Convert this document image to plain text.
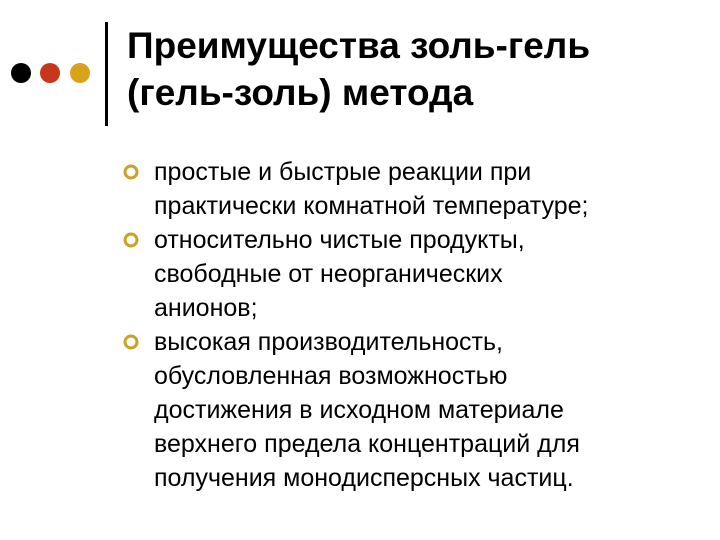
Преимущества золь-гель
(гель-золь) метода
простые и быстрые реакции при
практически комнатной температуре;
относительно чистые продукты,
свободные от неорганических
анионов;
высокая производительность,
обусловленная возможностью
достижения в исходном материале
верхнего предела концентраций для
получения монодисперсных частиц.
